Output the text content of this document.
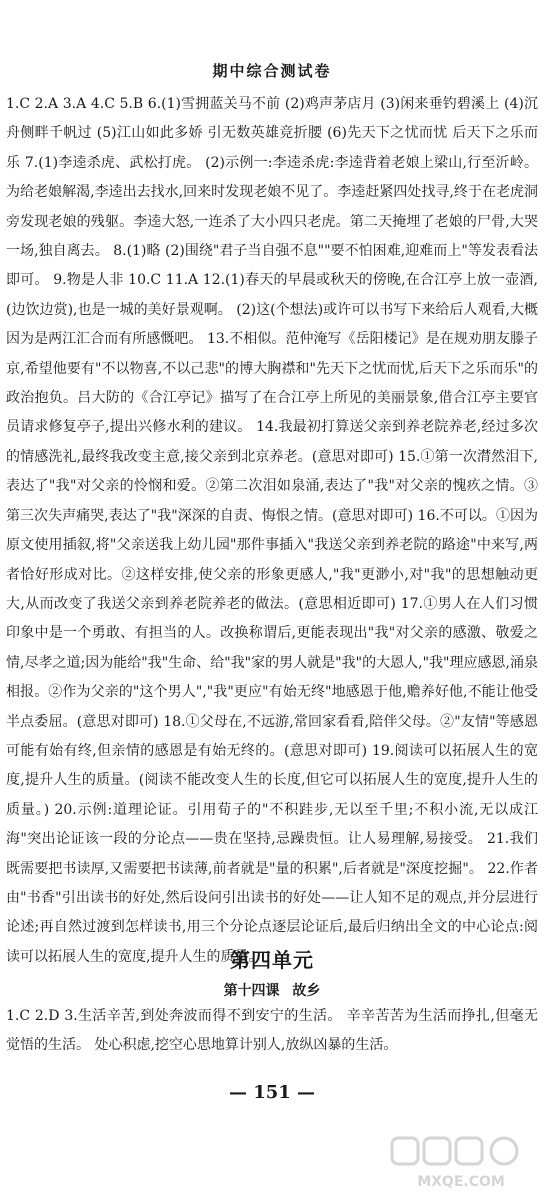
期中综合测试卷

1.C 2.A 3.A 4.C 5.B 6.(1)雪拥蓝关马不前 (2)鸡声茅店月 (3)闲来垂钓碧溪上 (4)沉舟侧畔千帆过 (5)江山如此多娇 引无数英雄竞折腰 (6)先天下之忧而忧 后天下之乐而乐 7.(1)李逵杀虎、武松打虎。 (2)示例一:李逵杀虎:李逵背着老娘上梁山,行至沂岭。为给老娘解渴,李逵出去找水,回来时发现老娘不见了。李逵赶紧四处找寻,终于在老虎洞旁发现老娘的残躯。李逵大怒,一连杀了大小四只老虎。第二天掩埋了老娘的尸骨,大哭一场,独自离去。 8.(1)略 (2)围绕"君子当自强不息""要不怕困难,迎难而上"等发表看法即可。 9.物是人非 10.C 11.A 12.(1)春天的早晨或秋天的傍晚,在合江亭上放一壶酒,(边饮边赏),也是一城的美好景观啊。 (2)这(个想法)或许可以书写下来给后人观看,大概因为是两江汇合而有所感慨吧。 13.不相似。范仲淹写《岳阳楼记》是在规劝朋友滕子京,希望他要有"不以物喜,不以己悲"的博大胸襟和"先天下之忧而忧,后天下之乐而乐"的政治抱负。吕大防的《合江亭记》描写了在合江亭上所见的美丽景象,借合江亭主要官员请求修复亭子,提出兴修水利的建议。 14.我最初打算送父亲到养老院养老,经过多次的情感洗礼,最终我改变主意,接父亲到北京养老。(意思对即可) 15.①第一次潸然泪下,表达了"我"对父亲的怜悯和爱。②第二次泪如泉涌,表达了"我"对父亲的愧疚之情。③第三次失声痛哭,表达了"我"深深的自责、悔恨之情。(意思对即可) 16.不可以。①因为原文使用插叙,将"父亲送我上幼儿园"那件事插入"我送父亲到养老院的路途"中来写,两者恰好形成对比。②这样安排,使父亲的形象更感人,"我"更渺小,对"我"的思想触动更大,从而改变了我送父亲到养老院养老的做法。(意思相近即可) 17.①男人在人们习惯印象中是一个勇敢、有担当的人。改换称谓后,更能表现出"我"对父亲的感激、敬爱之情,尽孝之道;因为能给"我"生命、给"我"家的男人就是"我"的大恩人,"我"理应感恩,涌泉相报。②作为父亲的"这个男人","我"更应"有始无终"地感恩于他,赡养好他,不能让他受半点委屈。(意思对即可) 18.①父母在,不远游,常回家看看,陪伴父母。②"友情"等感恩可能有始有终,但亲情的感恩是有始无终的。(意思对即可) 19.阅读可以拓展人生的宽度,提升人生的质量。(阅读不能改变人生的长度,但它可以拓展人生的宽度,提升人生的质量。) 20.示例:道理论证。引用荀子的"不积跬步,无以至千里;不积小流,无以成江海"突出论证该一段的分论点——贵在坚持,忌躁贵恒。让人易理解,易接受。 21.我们既需要把书读厚,又需要把书读薄,前者就是"量的积累",后者就是"深度挖掘"。 22.作者由"书香"引出读书的好处,然后设问引出读书的好处——让人知不足的观点,并分层进行论述;再自然过渡到怎样读书,用三个分论点逐层论证后,最后归纳出全文的中心论点:阅读可以拓展人生的宽度,提升人生的质量。

第四单元
第十四课 故乡

1.C 2.D 3.生活辛苦,到处奔波而得不到安宁的生活。 辛辛苦苦为生活而挣扎,但毫无觉悟的生活。 处心积虑,挖空心思地算计别人,放纵凶暴的生活。

— 151 —
MXQE.COM
